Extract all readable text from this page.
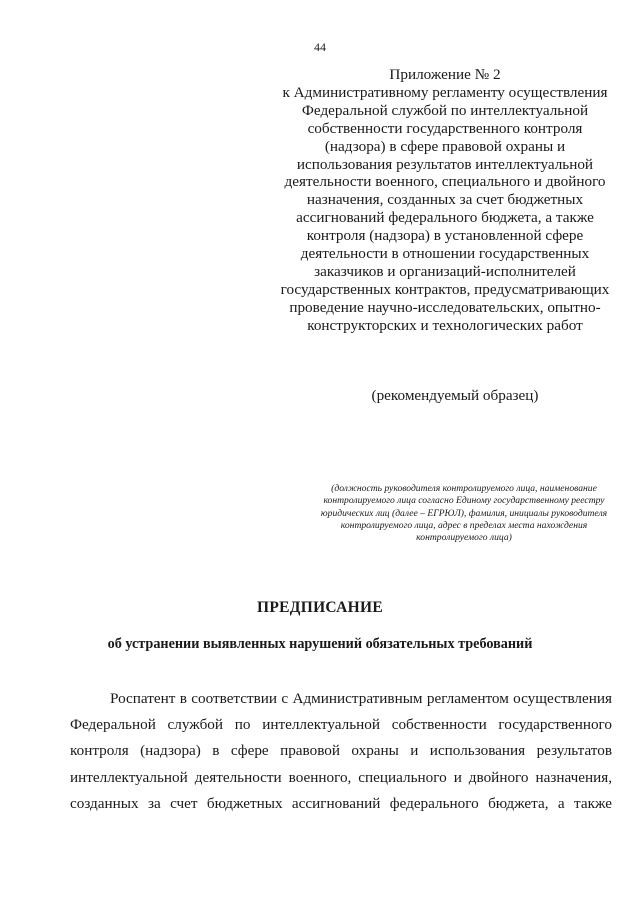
44
Приложение № 2
к Административному регламенту осуществления Федеральной службой по интеллектуальной собственности государственного контроля (надзора) в сфере правовой охраны и использования результатов интеллектуальной деятельности военного, специального и двойного назначения, созданных за счет бюджетных ассигнований федерального бюджета, а также контроля (надзора) в установленной сфере деятельности в отношении государственных заказчиков и организаций-исполнителей государственных контрактов, предусматривающих проведение научно-исследовательских, опытно-конструкторских и технологических работ
(рекомендуемый образец)
(должность руководителя контролируемого лица, наименование контролируемого лица согласно Единому государственному реестру юридических лиц (далее – ЕГРЮЛ), фамилия, инициалы руководителя контролируемого лица, адрес в пределах места нахождения контролируемого лица)
ПРЕДПИСАНИЕ
об устранении выявленных нарушений обязательных требований
Роспатент в соответствии с Административным регламентом осуществления
Федеральной службой по интеллектуальной собственности государственного
контроля (надзора) в сфере правовой охраны и использования результатов
интеллектуальной деятельности военного, специального и двойного назначения,
созданных за счет бюджетных ассигнований федерального бюджета, а также
